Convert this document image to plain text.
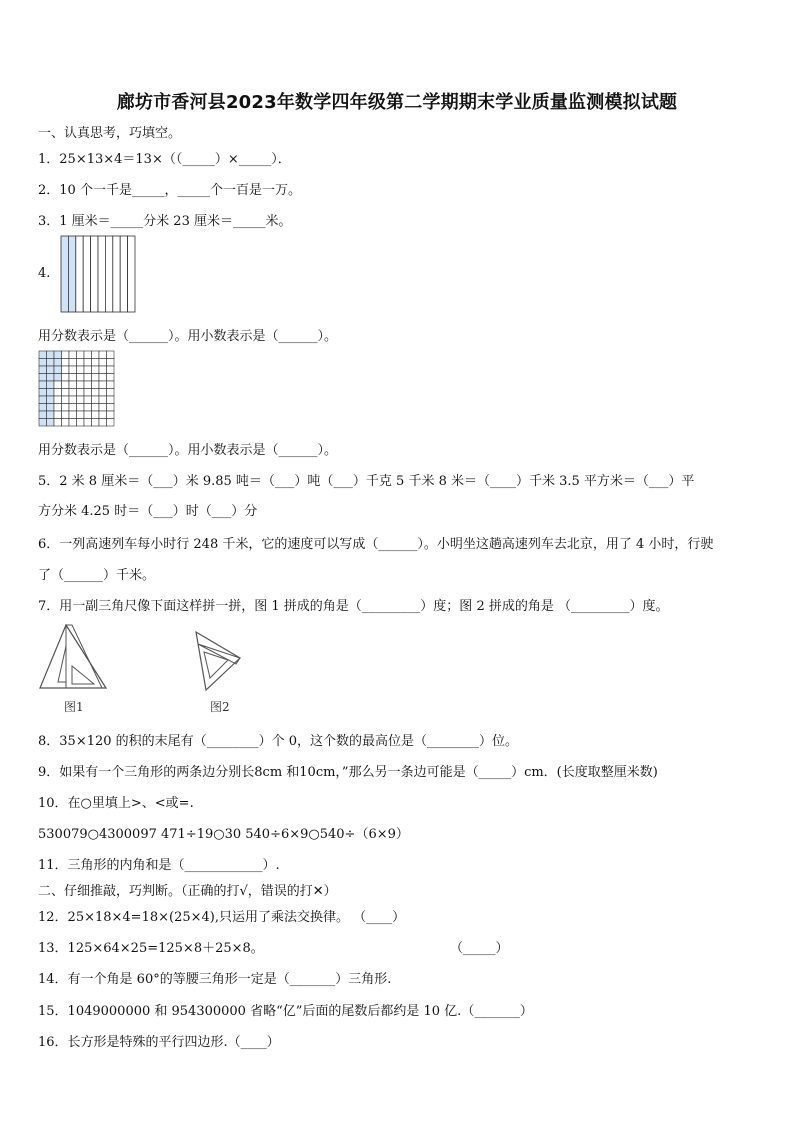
廊坊市香河县2023年数学四年级第二学期期末学业质量监测模拟试题
一、认真思考，巧填空。
1．25×13×4＝13×（（_____）×_____）．
2．10 个一千是_____，_____个一百是一万。
3．1 厘米＝_____分米 23 厘米＝_____米。
4.
用分数表示是（______）。用小数表示是（______）。
用分数表示是（______）。用小数表示是（______）。
5．2 米 8 厘米＝（___）米 9.85 吨＝（___）吨（___）千克 5 千米 8 米＝（____）千米 3.5 平方米＝（___）平
方分米 4.25 时＝（___）时（___）分
6．一列高速列车每小时行 248 千米，它的速度可以写成（______）。小明坐这趟高速列车去北京，用了 4 小时，行驶
了（______）千米。
7．用一副三角尺像下面这样拼一拼，图 1 拼成的角是（_________）度；图 2 拼成的角是 （_________）度。
图1	图2
8．35×120 的积的末尾有（________）个 0，这个数的最高位是（________）位。
9．如果有一个三角形的两条边分别长8cm 和10cm，”那么另一条边可能是（_____）cm．(长度取整厘米数)
10．在○里填上>、<或=.
530079○4300097 471÷19○30 540÷6×9○540÷（6×9）
11．三角形的内角和是（____________）.
二、仔细推敲，巧判断。（正确的打√，错误的打✕）
12．25×18×4=18×(25×4),只运用了乘法交换律。 （____）
13．125×64×25=125×8＋25×8。	（_____）
14．有一个角是 60°的等腰三角形一定是（_______）三角形.
15．1049000000 和 954300000 省略“亿”后面的尾数后都约是 10 亿.（_______）
16．长方形是特殊的平行四边形.（____）
